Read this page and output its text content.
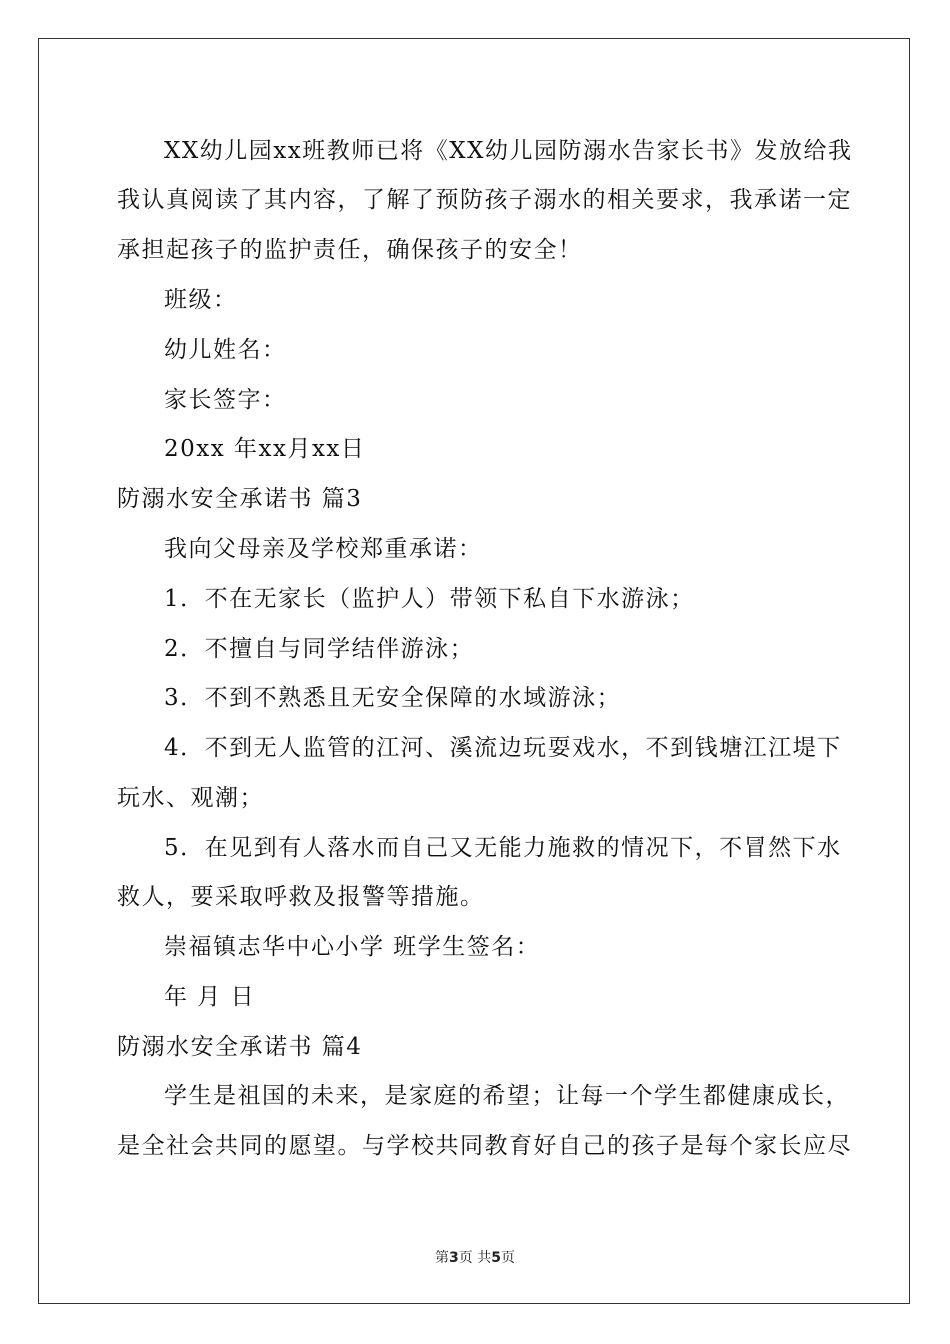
XX幼儿园xx班教师已将《XX幼儿园防溺水告家长书》发放给我
我认真阅读了其内容，了解了预防孩子溺水的相关要求，我承诺一定
承担起孩子的监护责任，确保孩子的安全！
班级：
幼儿姓名：
家长签字：
20xx 年xx月xx日
防溺水安全承诺书 篇3
我向父母亲及学校郑重承诺：
1．不在无家长（监护人）带领下私自下水游泳；
2．不擅自与同学结伴游泳；
3．不到不熟悉且无安全保障的水域游泳；
4．不到无人监管的江河、溪流边玩耍戏水，不到钱塘江江堤下
玩水、观潮；
5．在见到有人落水而自己又无能力施救的情况下，不冒然下水
救人，要采取呼救及报警等措施。
崇福镇志华中心小学 班学生签名：
年 月 日
防溺水安全承诺书 篇4
学生是祖国的未来，是家庭的希望；让每一个学生都健康成长，
是全社会共同的愿望。与学校共同教育好自己的孩子是每个家长应尽
第3页 共5页
